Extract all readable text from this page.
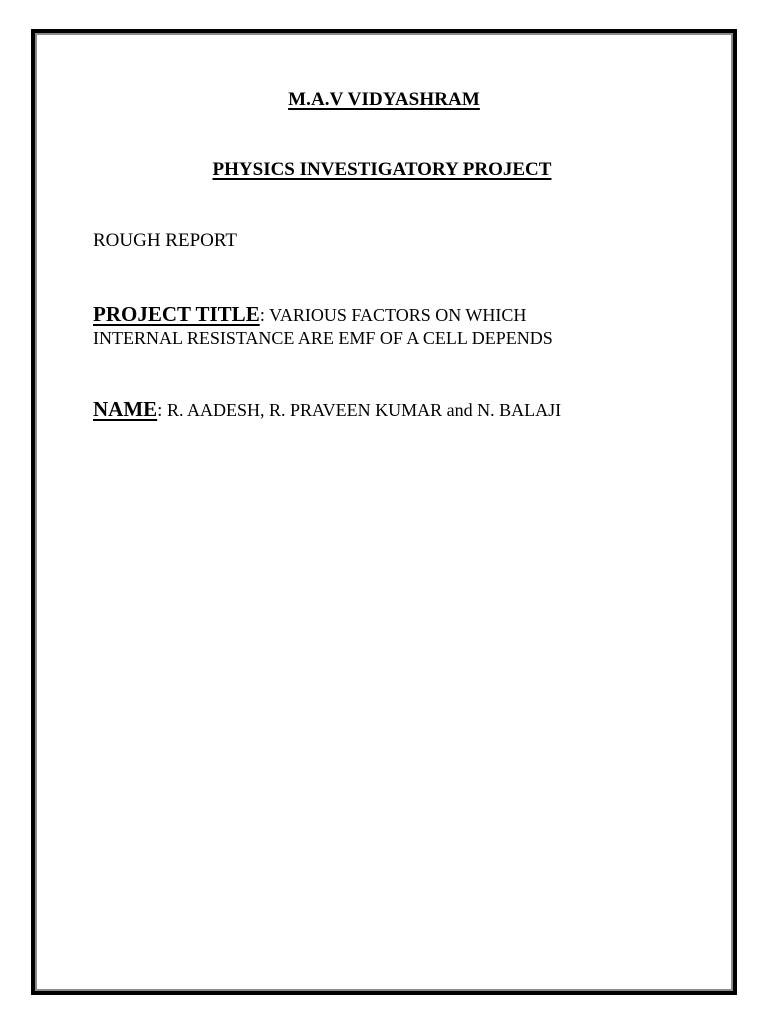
M.A.V VIDYASHRAM
PHYSICS INVESTIGATORY PROJECT
ROUGH REPORT
PROJECT TITLE: VARIOUS FACTORS ON WHICH
INTERNAL RESISTANCE ARE EMF OF A CELL DEPENDS
NAME: R. AADESH, R. PRAVEEN KUMAR and N. BALAJI
